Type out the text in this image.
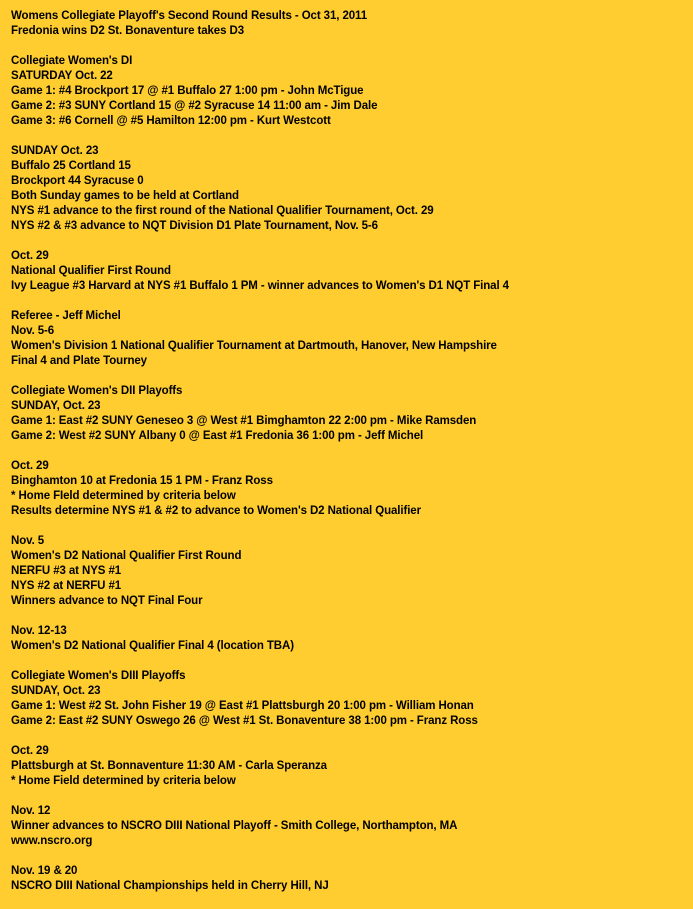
Womens Collegiate Playoff's Second Round Results - Oct 31, 2011
Fredonia wins D2 St. Bonaventure takes D3
Collegiate Women's DI
SATURDAY Oct. 22
Game 1: #4 Brockport 17 @ #1 Buffalo 27 1:00 pm - John McTigue
Game 2: #3 SUNY Cortland 15 @ #2 Syracuse 14 11:00 am - Jim Dale
Game 3: #6 Cornell @ #5 Hamilton 12:00 pm - Kurt Westcott
SUNDAY Oct. 23
Buffalo 25 Cortland 15
Brockport 44 Syracuse 0
Both Sunday games to be held at Cortland
NYS #1 advance to the first round of the National Qualifier Tournament, Oct. 29
NYS #2 & #3 advance to NQT Division D1 Plate Tournament, Nov. 5-6
Oct. 29
National Qualifier First Round
Ivy League #3 Harvard at NYS #1 Buffalo 1 PM - winner advances to Women's D1 NQT Final 4
Referee - Jeff Michel
Nov. 5-6
Women's Division 1 National Qualifier Tournament at Dartmouth, Hanover, New Hampshire
Final 4 and Plate Tourney
Collegiate Women's DII Playoffs
SUNDAY, Oct. 23
Game 1: East #2 SUNY Geneseo 3 @ West #1 Bimghamton 22 2:00 pm - Mike Ramsden
Game 2: West #2 SUNY Albany 0 @ East #1 Fredonia 36 1:00 pm - Jeff Michel
Oct. 29
Binghamton 10 at Fredonia 15 1 PM - Franz Ross
* Home FIeld determined by criteria below
Results determine NYS #1 & #2 to advance to Women's D2 National Qualifier
Nov. 5
Women's D2 National Qualifier First Round
NERFU #3 at NYS #1
NYS #2 at NERFU #1
Winners advance to NQT Final Four
Nov. 12-13
Women's D2 National Qualifier Final 4 (location TBA)
Collegiate Women's DIII Playoffs
SUNDAY, Oct. 23
Game 1: West #2 St. John Fisher 19 @ East #1 Plattsburgh 20 1:00 pm - William Honan
Game 2: East #2 SUNY Oswego 26 @ West #1 St. Bonaventure 38 1:00 pm - Franz Ross
Oct. 29
Plattsburgh at St. Bonnaventure 11:30 AM - Carla Speranza
* Home Field determined by criteria below
Nov. 12
Winner advances to NSCRO DIII National Playoff - Smith College, Northampton, MA
www.nscro.org
Nov. 19 & 20
NSCRO DIII National Championships held in Cherry Hill, NJ
